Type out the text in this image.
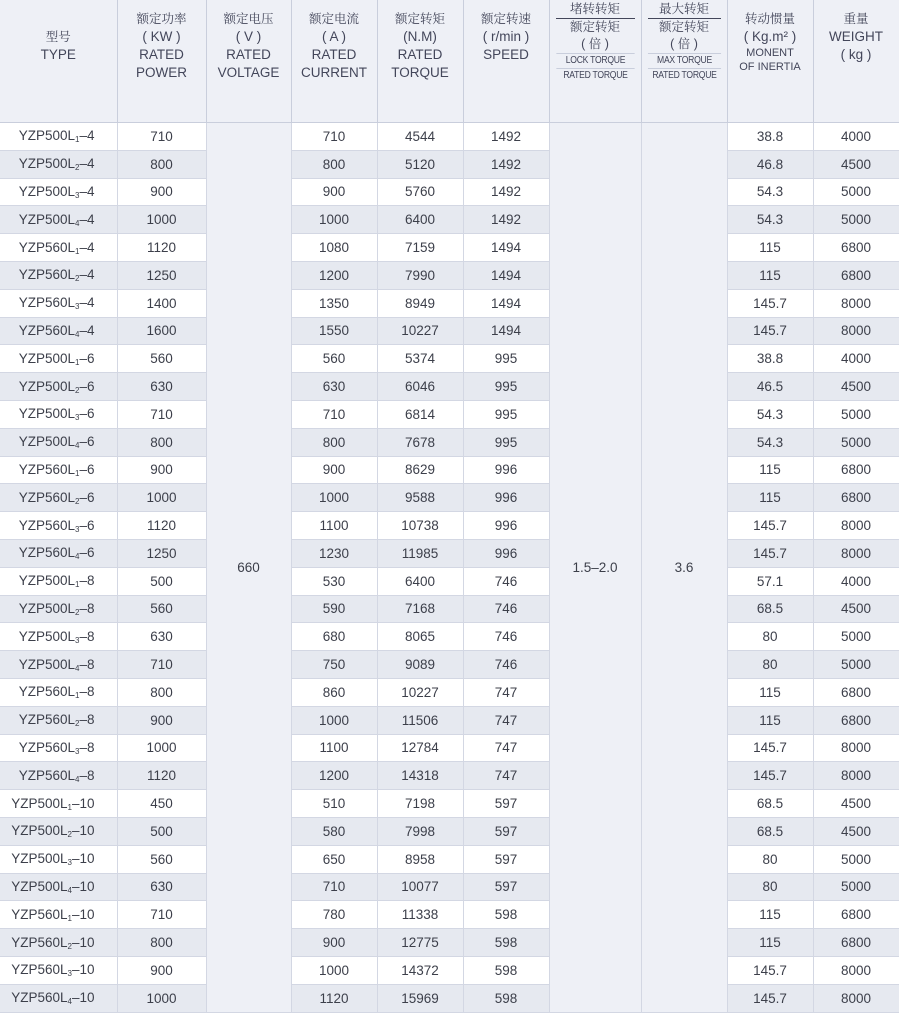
型号
TYPE	额定功率
( KW )
RATED
POWER	额定电压
( V )
RATED
VOLTAGE	额定电流
( A )
RATED
CURRENT	额定转矩
(N.M)
RATED
TORQUE	额定转速
( r/min )
SPEED	堵转转矩
额定转矩
( 倍 )
LOCK TORQUE
RATED TORQUE	最大转矩
额定转矩
( 倍 )
MAX TORQUE
RATED TORQUE	转动惯量
( Kg.m² )
MONENT
OF INERTIA	重量
WEIGHT
( kg )

$YZP500L_1-4$	710	660	710	4544	1492	1.5–2.0	3.6	38.8	4000
$YZP500L_2-4$	800		800	5120	1492			46.8	4500
$YZP500L_3-4$	900		900	5760	1492			54.3	5000
$YZP500L_4-4$	1000		1000	6400	1492			54.3	5000
$YZP560L_1-4$	1120		1080	7159	1494			115	6800
$YZP560L_2-4$	1250		1200	7990	1494			115	6800
$YZP560L_3-4$	1400		1350	8949	1494			145.7	8000
$YZP560L_4-4$	1600		1550	10227	1494			145.7	8000
$YZP500L_1-6$	560		560	5374	995			38.8	4000
$YZP500L_2-6$	630		630	6046	995			46.5	4500
$YZP500L_3-6$	710		710	6814	995			54.3	5000
$YZP500L_4-6$	800		800	7678	995			54.3	5000
$YZP560L_1-6$	900		900	8629	996			115	6800
$YZP560L_2-6$	1000		1000	9588	996			115	6800
$YZP560L_3-6$	1120		1100	10738	996			145.7	8000
$YZP560L_4-6$	1250		1230	11985	996			145.7	8000
$YZP500L_1-8$	500		530	6400	746			57.1	4000
$YZP500L_2-8$	560		590	7168	746			68.5	4500
$YZP500L_3-8$	630		680	8065	746			80	5000
$YZP500L_4-8$	710		750	9089	746			80	5000
$YZP560L_1-8$	800		860	10227	747			115	6800
$YZP560L_2-8$	900		1000	11506	747			115	6800
$YZP560L_3-8$	1000		1100	12784	747			145.7	8000
$YZP560L_4-8$	1120		1200	14318	747			145.7	8000
$YZP500L_1-10$	450		510	7198	597			68.5	4500
$YZP500L_2-10$	500		580	7998	597			68.5	4500
$YZP500L_3-10$	560		650	8958	597			80	5000
$YZP500L_4-10$	630		710	10077	597			80	5000
$YZP560L_1-10$	710		780	11338	598			115	6800
$YZP560L_2-10$	800		900	12775	598			115	6800
$YZP560L_3-10$	900		1000	14372	598			145.7	8000
$YZP560L_4-10$	1000		1120	15969	598			145.7	8000
